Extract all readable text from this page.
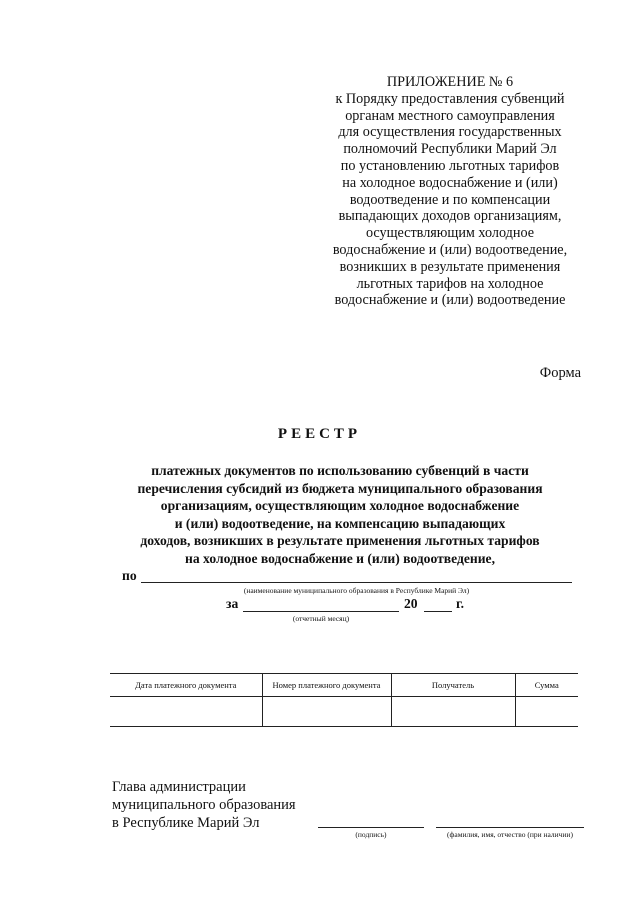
ПРИЛОЖЕНИЕ № 6
к Порядку предоставления субвенций
органам местного самоуправления
для осуществления государственных
полномочий Республики Марий Эл
по установлению льготных тарифов
на холодное водоснабжение и (или)
водоотведение и по компенсации
выпадающих доходов организациям,
осуществляющим холодное
водоснабжение и (или) водоотведение,
возникших в результате применения
льготных тарифов на холодное
водоснабжение и (или) водоотведение
Форма
РЕЕСТР
платежных документов по использованию субвенций в части
перечисления субсидий из бюджета муниципального образования
организациям, осуществляющим холодное водоснабжение
и (или) водоотведение, на компенсацию выпадающих
доходов, возникших в результате применения льготных тарифов
на холодное водоснабжение и (или) водоотведение,
по
(наименование муниципального образования в Республике Марий Эл)
за	20	г.
(отчетный месяц)
Дата платежного документа	Номер платежного документа	Получатель	Сумма

Глава администрации
муниципального образования
в Республике Марий Эл
(подпись)	(фамилия, имя, отчество (при наличии)
